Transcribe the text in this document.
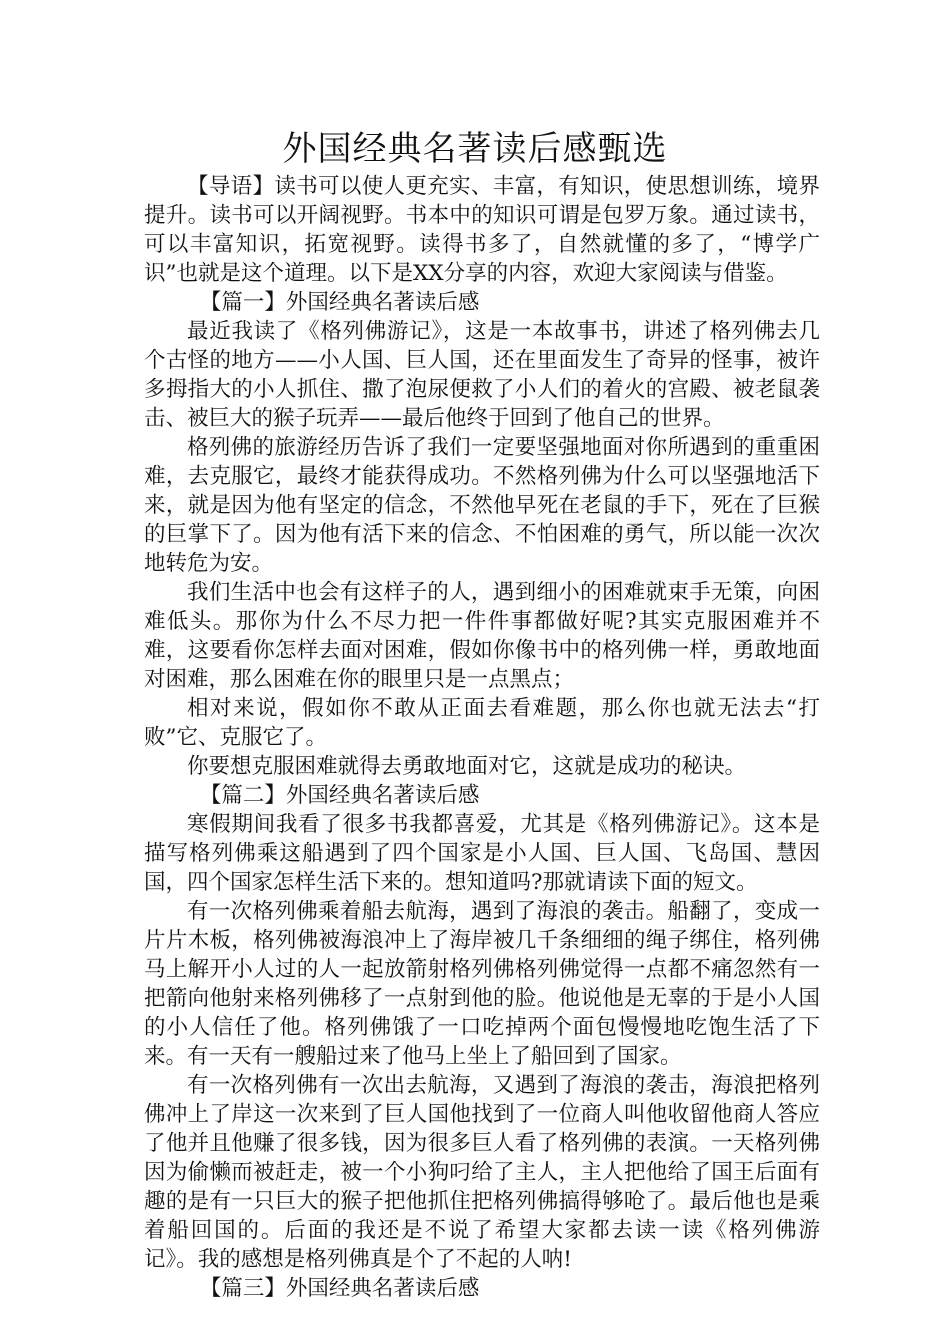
外国经典名著读后感甄选

【导语】读书可以使人更充实、丰富，有知识，使思想训练，境界提升。读书可以开阔视野。书本中的知识可谓是包罗万象。通过读书，可以丰富知识，拓宽视野。读得书多了，自然就懂的多了，“博学广识”也就是这个道理。以下是XX分享的内容，欢迎大家阅读与借鉴。

【篇一】外国经典名著读后感

最近我读了《格列佛游记》，这是一本故事书，讲述了格列佛去几个古怪的地方——小人国、巨人国，还在里面发生了奇异的怪事，被许多拇指大的小人抓住、撒了泡尿便救了小人们的着火的宫殿、被老鼠袭击、被巨大的猴子玩弄——最后他终于回到了他自己的世界。

格列佛的旅游经历告诉了我们一定要坚强地面对你所遇到的重重困难，去克服它，最终才能获得成功。不然格列佛为什么可以坚强地活下来，就是因为他有坚定的信念，不然他早死在老鼠的手下，死在了巨猴的巨掌下了。因为他有活下来的信念、不怕困难的勇气，所以能一次次地转危为安。

我们生活中也会有这样子的人，遇到细小的困难就束手无策，向困难低头。那你为什么不尽力把一件件事都做好呢?其实克服困难并不难，这要看你怎样去面对困难，假如你像书中的格列佛一样，勇敢地面对困难，那么困难在你的眼里只是一点黑点；

相对来说，假如你不敢从正面去看难题，那么你也就无法去“打败”它、克服它了。

你要想克服困难就得去勇敢地面对它，这就是成功的秘诀。

【篇二】外国经典名著读后感

寒假期间我看了很多书我都喜爱，尤其是《格列佛游记》。这本是描写格列佛乘这船遇到了四个国家是小人国、巨人国、飞岛国、慧因国，四个国家怎样生活下来的。想知道吗?那就请读下面的短文。

有一次格列佛乘着船去航海，遇到了海浪的袭击。船翻了，变成一片片木板，格列佛被海浪冲上了海岸被几千条细细的绳子绑住，格列佛马上解开小人过的人一起放箭射格列佛格列佛觉得一点都不痛忽然有一把箭向他射来格列佛移了一点射到他的脸。他说他是无辜的于是小人国的小人信任了他。格列佛饿了一口吃掉两个面包慢慢地吃饱生活了下来。有一天有一艘船过来了他马上坐上了船回到了国家。

有一次格列佛有一次出去航海，又遇到了海浪的袭击，海浪把格列佛冲上了岸这一次来到了巨人国他找到了一位商人叫他收留他商人答应了他并且他赚了很多钱，因为很多巨人看了格列佛的表演。一天格列佛因为偷懒而被赶走，被一个小狗叼给了主人，主人把他给了国王后面有趣的是有一只巨大的猴子把他抓住把格列佛搞得够呛了。最后他也是乘着船回国的。后面的我还是不说了希望大家都去读一读《格列佛游记》。我的感想是格列佛真是个了不起的人呐!

【篇三】外国经典名著读后感
